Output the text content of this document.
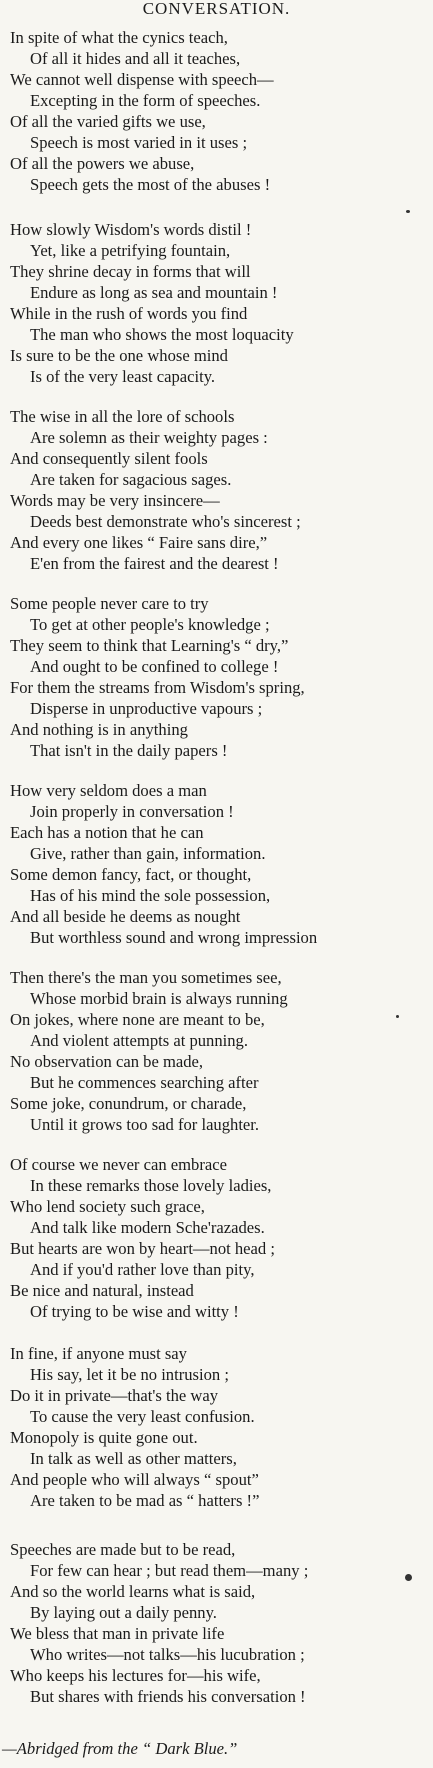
CONVERSATION.
In spite of what the cynics teach,
Of all it hides and all it teaches,
We cannot well dispense with speech—
Excepting in the form of speeches.
Of all the varied gifts we use,
Speech is most varied in it uses ;
Of all the powers we abuse,
Speech gets the most of the abuses !
How slowly Wisdom's words distil !
Yet, like a petrifying fountain,
They shrine decay in forms that will
Endure as long as sea and mountain !
While in the rush of words you find
The man who shows the most loquacity
Is sure to be the one whose mind
Is of the very least capacity.
The wise in all the lore of schools
Are solemn as their weighty pages :
And consequently silent fools
Are taken for sagacious sages.
Words may be very insincere—
Deeds best demonstrate who's sincerest ;
And every one likes “ Faire sans dire,”
E'en from the fairest and the dearest !
Some people never care to try
To get at other people's knowledge ;
They seem to think that Learning's “ dry,”
And ought to be confined to college !
For them the streams from Wisdom's spring,
Disperse in unproductive vapours ;
And nothing is in anything
That isn't in the daily papers !
How very seldom does a man
Join properly in conversation !
Each has a notion that he can
Give, rather than gain, information.
Some demon fancy, fact, or thought,
Has of his mind the sole possession,
And all beside he deems as nought
But worthless sound and wrong impression
Then there's the man you sometimes see,
Whose morbid brain is always running
On jokes, where none are meant to be,
And violent attempts at punning.
No observation can be made,
But he commences searching after
Some joke, conundrum, or charade,
Until it grows too sad for laughter.
Of course we never can embrace
In these remarks those lovely ladies,
Who lend society such grace,
And talk like modern Sche'razades.
But hearts are won by heart—not head ;
And if you'd rather love than pity,
Be nice and natural, instead
Of trying to be wise and witty !
In fine, if anyone must say
His say, let it be no intrusion ;
Do it in private—that's the way
To cause the very least confusion.
Monopoly is quite gone out.
In talk as well as other matters,
And people who will always “ spout”
Are taken to be mad as “ hatters !”
Speeches are made but to be read,
For few can hear ; but read them—many ;
And so the world learns what is said,
By laying out a daily penny.
We bless that man in private life
Who writes—not talks—his lucubration ;
Who keeps his lectures for—his wife,
But shares with friends his conversation !
—Abridged from the “ Dark Blue.”
